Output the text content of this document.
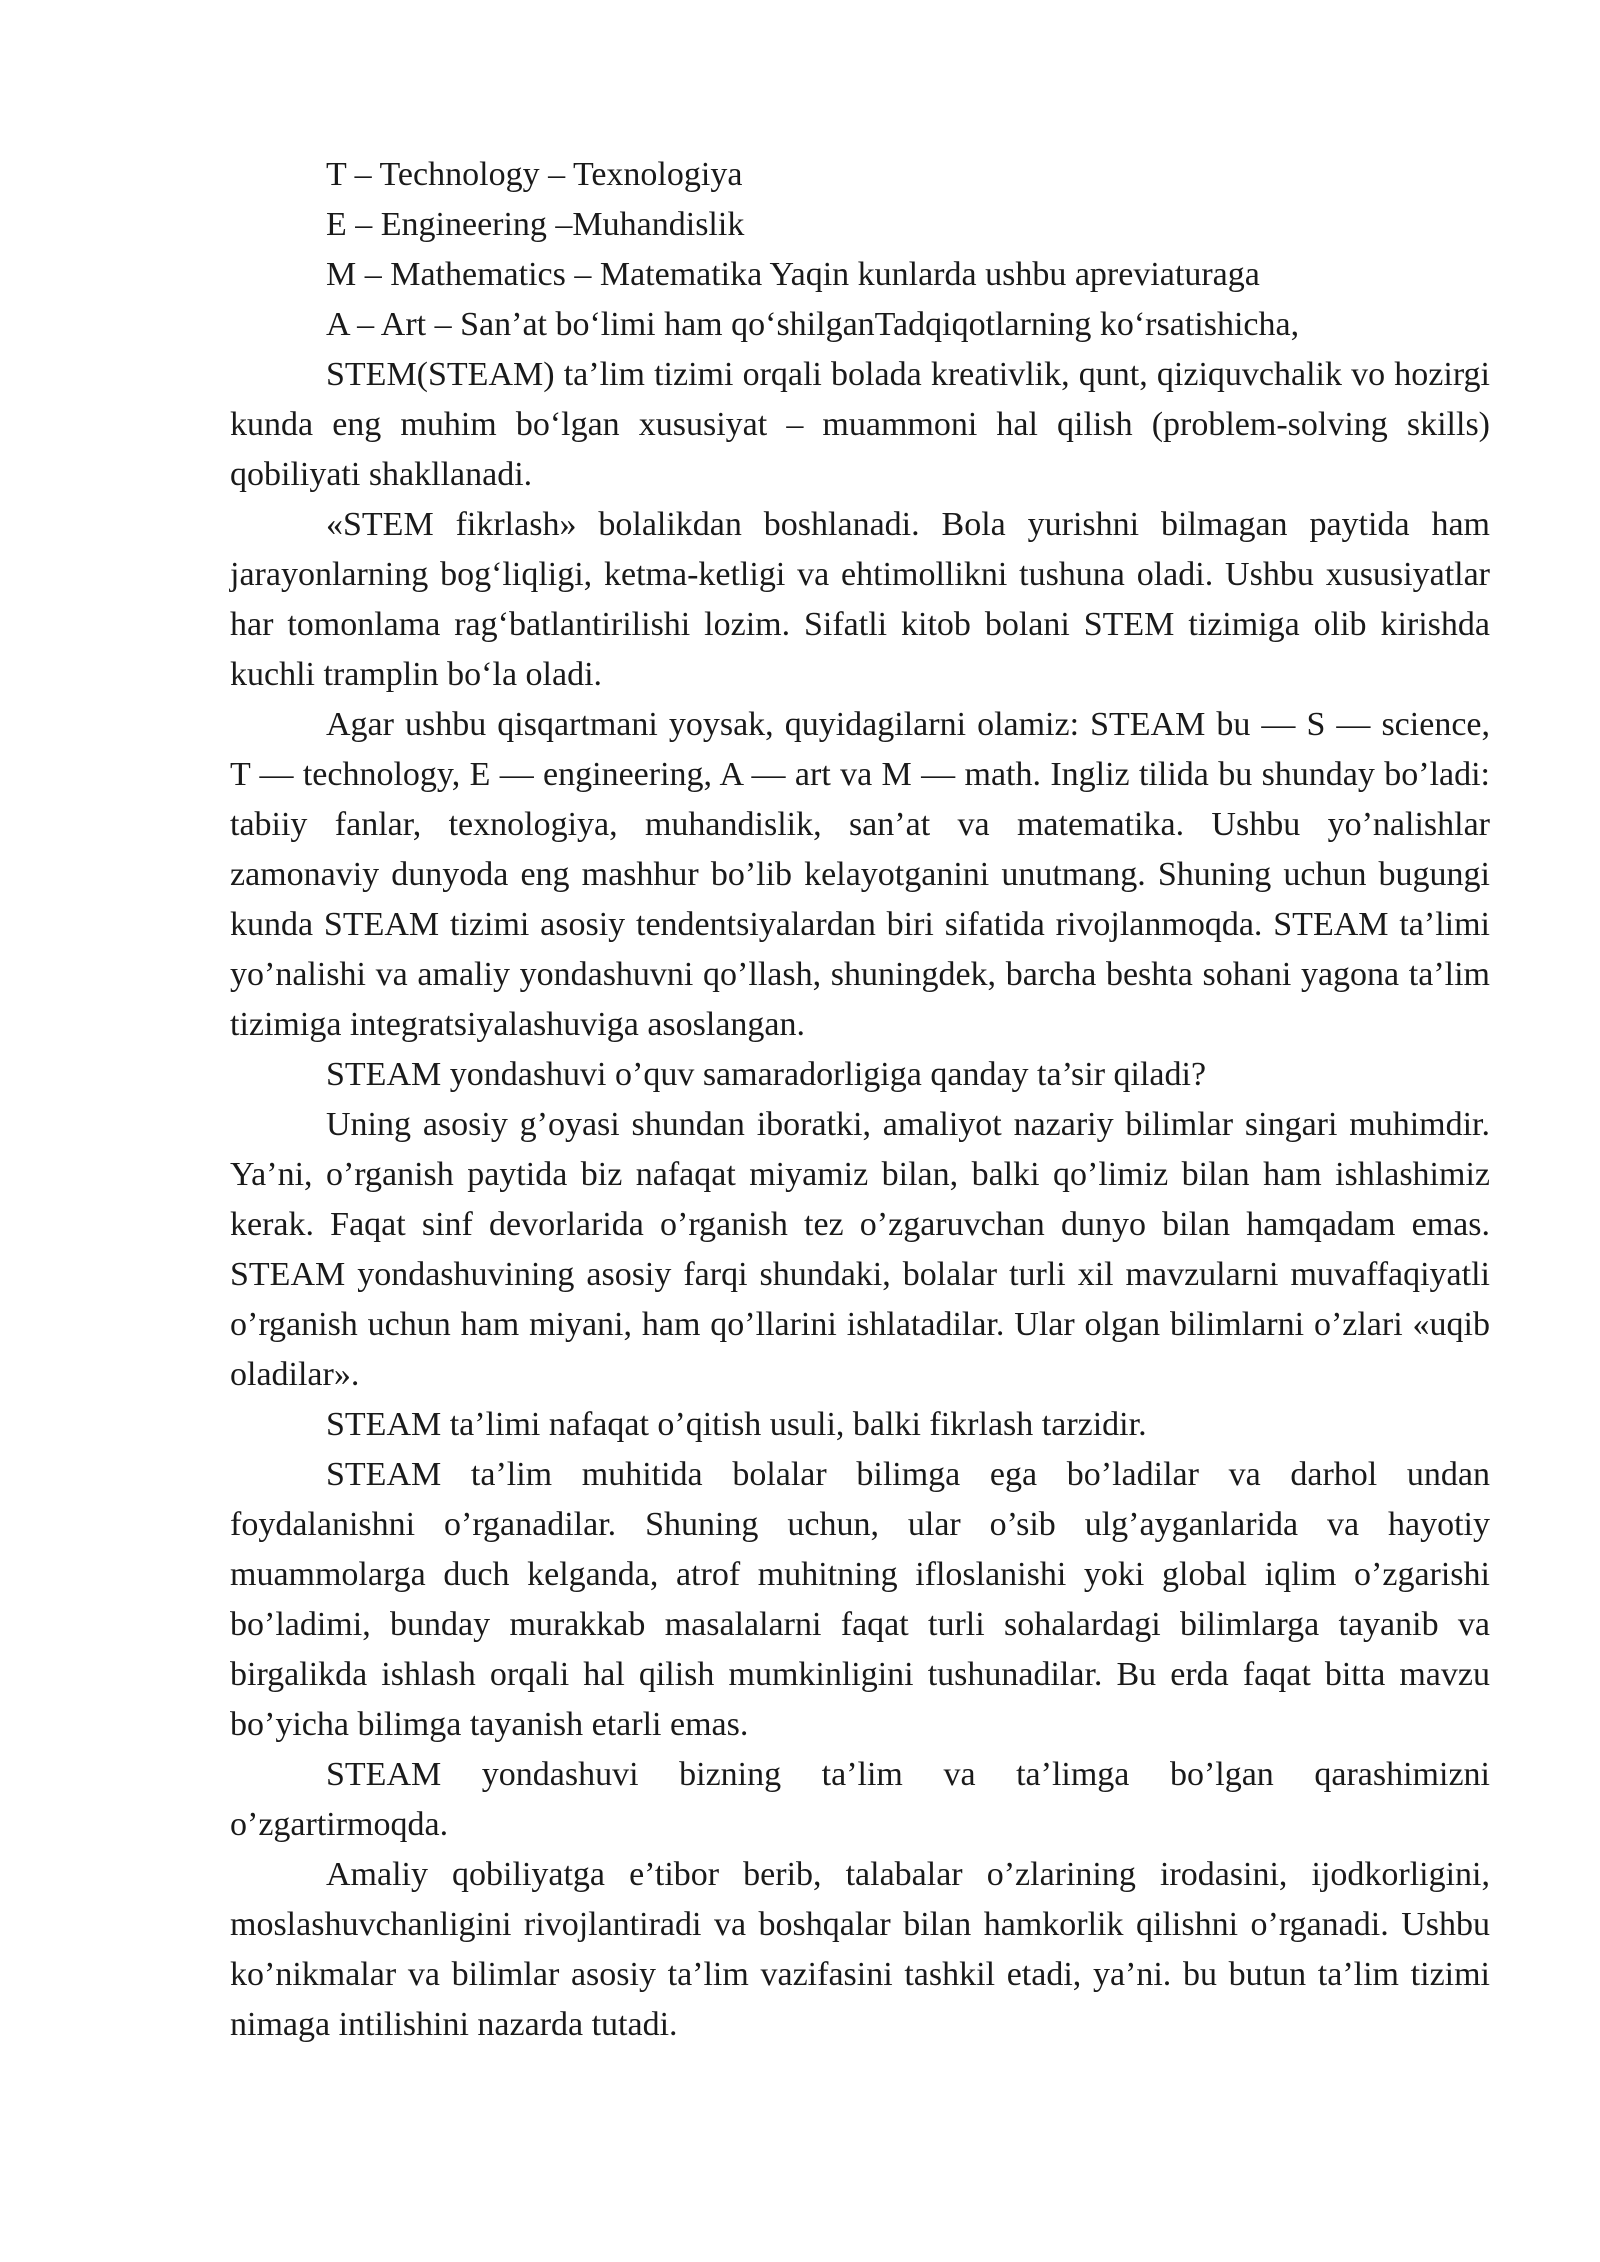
T – Technology – Texnologiya

E – Engineering –Muhandislik

M – Mathematics – Matematika Yaqin kunlarda ushbu apreviaturaga

A – Art – San’at bo‘limi ham qo‘shilganTadqiqotlarning ko‘rsatishicha,

STEM(STEAM) ta’lim tizimi orqali bolada kreativlik, qunt, qiziquvchalik vo hozirgi kunda eng muhim bo‘lgan xususiyat – muammoni hal qilish (problem-solving skills) qobiliyati shakllanadi.

«STEM fikrlash» bolalikdan boshlanadi. Bola yurishni bilmagan paytida ham jarayonlarning bog‘liqligi, ketma-ketligi va ehtimollikni tushuna oladi. Ushbu xususiyatlar har tomonlama rag‘batlantirilishi lozim. Sifatli kitob bolani STEM tizimiga olib kirishda kuchli tramplin bo‘la oladi.

Agar ushbu qisqartmani yoysak, quyidagilarni olamiz: STEAM bu — S — science, T — technology, E — engineering, A — art va M — math. Ingliz tilida bu shunday bo’ladi: tabiiy fanlar, texnologiya, muhandislik, san’at va matematika. Ushbu yo’nalishlar zamonaviy dunyoda eng mashhur bo’lib kelayotganini unutmang. Shuning uchun bugungi kunda STEAM tizimi asosiy tendentsiyalardan biri sifatida rivojlanmoqda. STEAM ta’limi yo’nalishi va amaliy yondashuvni qo’llash, shuningdek, barcha beshta sohani yagona ta’lim tizimiga integratsiyalashuviga asoslangan.

STEAM yondashuvi o’quv samaradorligiga qanday ta’sir qiladi?

Uning asosiy g’oyasi shundan iboratki, amaliyot nazariy bilimlar singari muhimdir. Ya’ni, o’rganish paytida biz nafaqat miyamiz bilan, balki qo’limiz bilan ham ishlashimiz kerak. Faqat sinf devorlarida o’rganish tez o’zgaruvchan dunyo bilan hamqadam emas. STEAM yondashuvining asosiy farqi shundaki, bolalar turli xil mavzularni muvaffaqiyatli o’rganish uchun ham miyani, ham qo’llarini ishlatadilar. Ular olgan bilimlarni o’zlari «uqib oladilar».

STEAM ta’limi nafaqat o’qitish usuli, balki fikrlash tarzidir.

STEAM ta’lim muhitida bolalar bilimga ega bo’ladilar va darhol undan foydalanishni o’rganadilar. Shuning uchun, ular o’sib ulg’ayganlarida va hayotiy muammolarga duch kelganda, atrof muhitning ifloslanishi yoki global iqlim o’zgarishi bo’ladimi, bunday murakkab masalalarni faqat turli sohalardagi bilimlarga tayanib va birgalikda ishlash orqali hal qilish mumkinligini tushunadilar. Bu erda faqat bitta mavzu bo’yicha bilimga tayanish etarli emas.

STEAM yondashuvi bizning ta’lim va ta’limga bo’lgan qarashimizni o’zgartirmoqda.

Amaliy qobiliyatga e’tibor berib, talabalar o’zlarining irodasini, ijodkorligini, moslashuvchanligini rivojlantiradi va boshqalar bilan hamkorlik qilishni o’rganadi. Ushbu ko’nikmalar va bilimlar asosiy ta’lim vazifasini tashkil etadi, ya’ni. bu butun ta’lim tizimi nimaga intilishini nazarda tutadi.
